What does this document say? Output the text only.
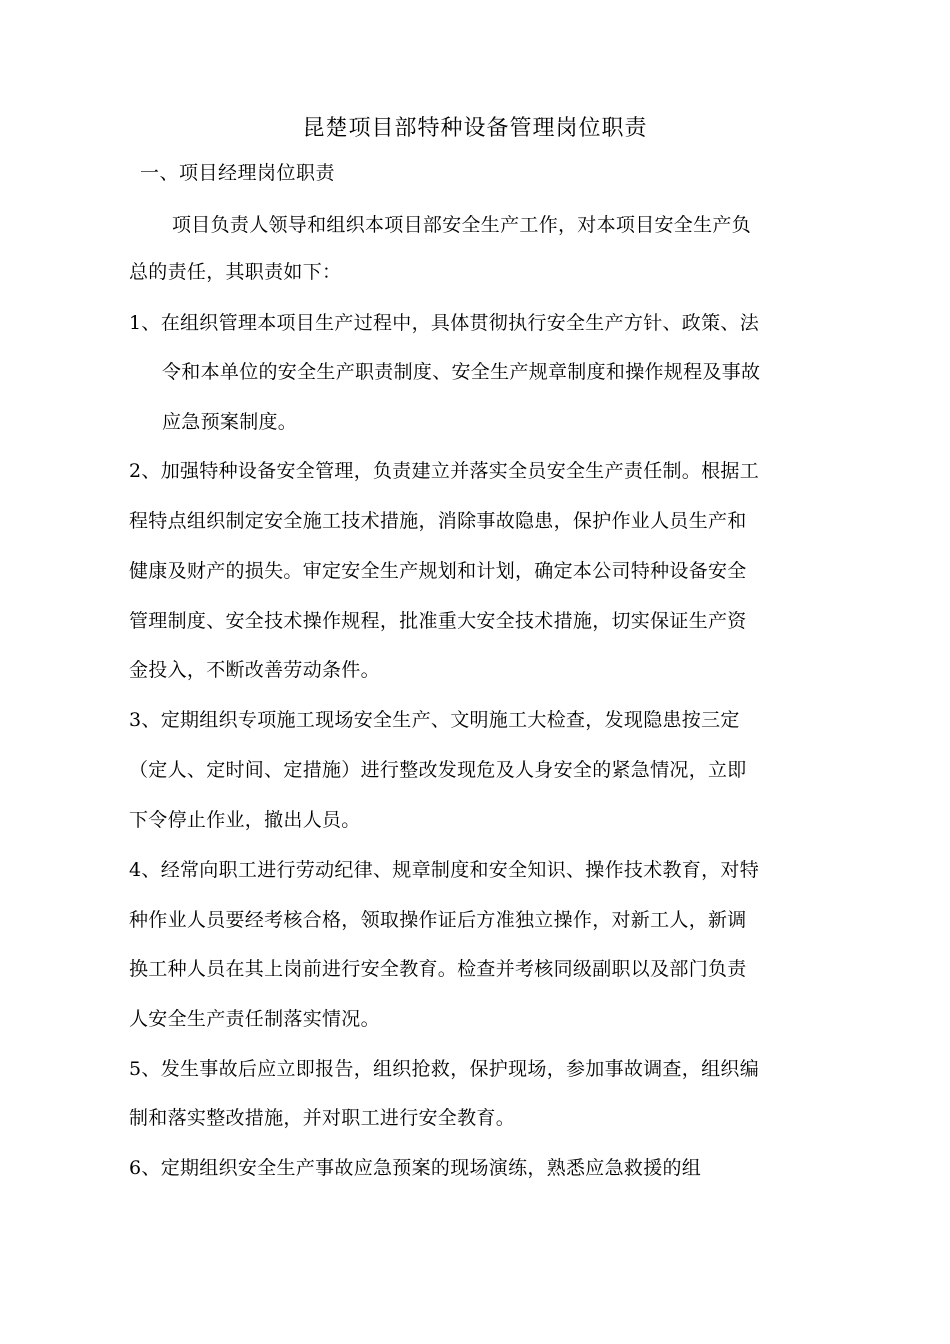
昆楚项目部特种设备管理岗位职责
一、项目经理岗位职责
项目负责人领导和组织本项目部安全生产工作，对本项目安全生产负
总的责任，其职责如下：
1、在组织管理本项目生产过程中，具体贯彻执行安全生产方针、政策、法
令和本单位的安全生产职责制度、安全生产规章制度和操作规程及事故
应急预案制度。
2、加强特种设备安全管理，负责建立并落实全员安全生产责任制。根据工
程特点组织制定安全施工技术措施，消除事故隐患，保护作业人员生产和
健康及财产的损失。审定安全生产规划和计划，确定本公司特种设备安全
管理制度、安全技术操作规程，批准重大安全技术措施，切实保证生产资
金投入，不断改善劳动条件。
3、定期组织专项施工现场安全生产、文明施工大检查，发现隐患按三定
（定人、定时间、定措施）进行整改发现危及人身安全的紧急情况，立即
下令停止作业，撤出人员。
4、经常向职工进行劳动纪律、规章制度和安全知识、操作技术教育，对特
种作业人员要经考核合格，领取操作证后方准独立操作，对新工人，新调
换工种人员在其上岗前进行安全教育。检查并考核同级副职以及部门负责
人安全生产责任制落实情况。
5、发生事故后应立即报告，组织抢救，保护现场，参加事故调查，组织编
制和落实整改措施，并对职工进行安全教育。
6、定期组织安全生产事故应急预案的现场演练，熟悉应急救援的组
